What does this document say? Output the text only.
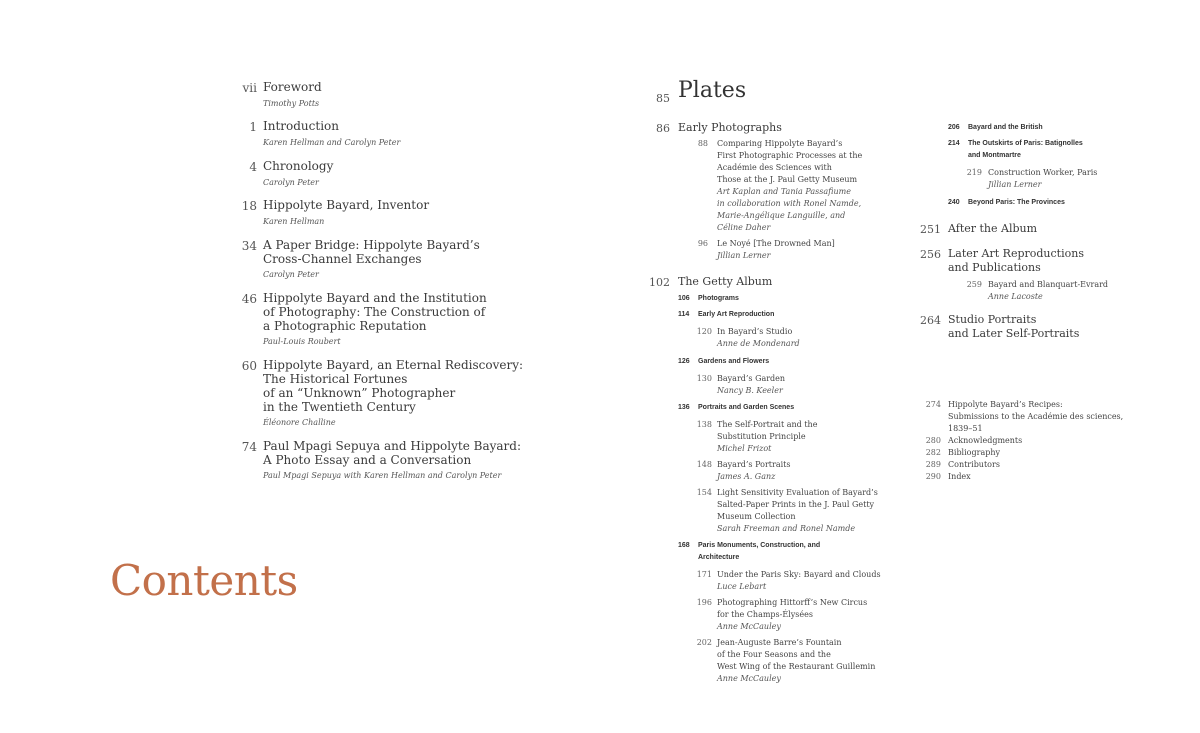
vii Foreword
Timothy Potts
1 Introduction
Karen Hellman and Carolyn Peter
4 Chronology
Carolyn Peter
18 Hippolyte Bayard, Inventor
Karen Hellman
34 A Paper Bridge: Hippolyte Bayard’s
Cross-Channel Exchanges
Carolyn Peter
46 Hippolyte Bayard and the Institution
of Photography: The Construction of
a Photographic Reputation
Paul-Louis Roubert
60 Hippolyte Bayard, an Eternal Rediscovery:
The Historical Fortunes
of an “Unknown” Photographer
in the Twentieth Century
Éléonore Challine
74 Paul Mpagi Sepuya and Hippolyte Bayard:
A Photo Essay and a Conversation
Paul Mpagi Sepuya with Karen Hellman and Carolyn Peter
Contents
85 Plates
86 Early Photographs
88 Comparing Hippolyte Bayard’s
First Photographic Processes at the
Académie des Sciences with
Those at the J. Paul Getty Museum
Art Kaplan and Tania Passafiume
in collaboration with Ronel Namde,
Marie-Angélique Languille, and
Céline Daher
96 Le Noyé [The Drowned Man]
Jillian Lerner
102 The Getty Album
106 Photograms
114 Early Art Reproduction
120 In Bayard’s Studio
Anne de Mondenard
126 Gardens and Flowers
130 Bayard’s Garden
Nancy B. Keeler
136 Portraits and Garden Scenes
138 The Self-Portrait and the
Substitution Principle
Michel Frizot
148 Bayard’s Portraits
James A. Ganz
154 Light Sensitivity Evaluation of Bayard’s
Salted-Paper Prints in the J. Paul Getty
Museum Collection
Sarah Freeman and Ronel Namde
168 Paris Monuments, Construction, and
Architecture
171 Under the Paris Sky: Bayard and Clouds
Luce Lebart
196 Photographing Hittorff’s New Circus
for the Champs-Élysées
Anne McCauley
202 Jean-Auguste Barre’s Fountain
of the Four Seasons and the
West Wing of the Restaurant Guillemin
Anne McCauley
206 Bayard and the British
214 The Outskirts of Paris: Batignolles
and Montmartre
219 Construction Worker, Paris
Jillian Lerner
240 Beyond Paris: The Provinces
251 After the Album
256 Later Art Reproductions
and Publications
259 Bayard and Blanquart-Evrard
Anne Lacoste
264 Studio Portraits
and Later Self-Portraits
274 Hippolyte Bayard’s Recipes:
Submissions to the Académie des sciences,
1839–51
280 Acknowledgments
282 Bibliography
289 Contributors
290 Index
